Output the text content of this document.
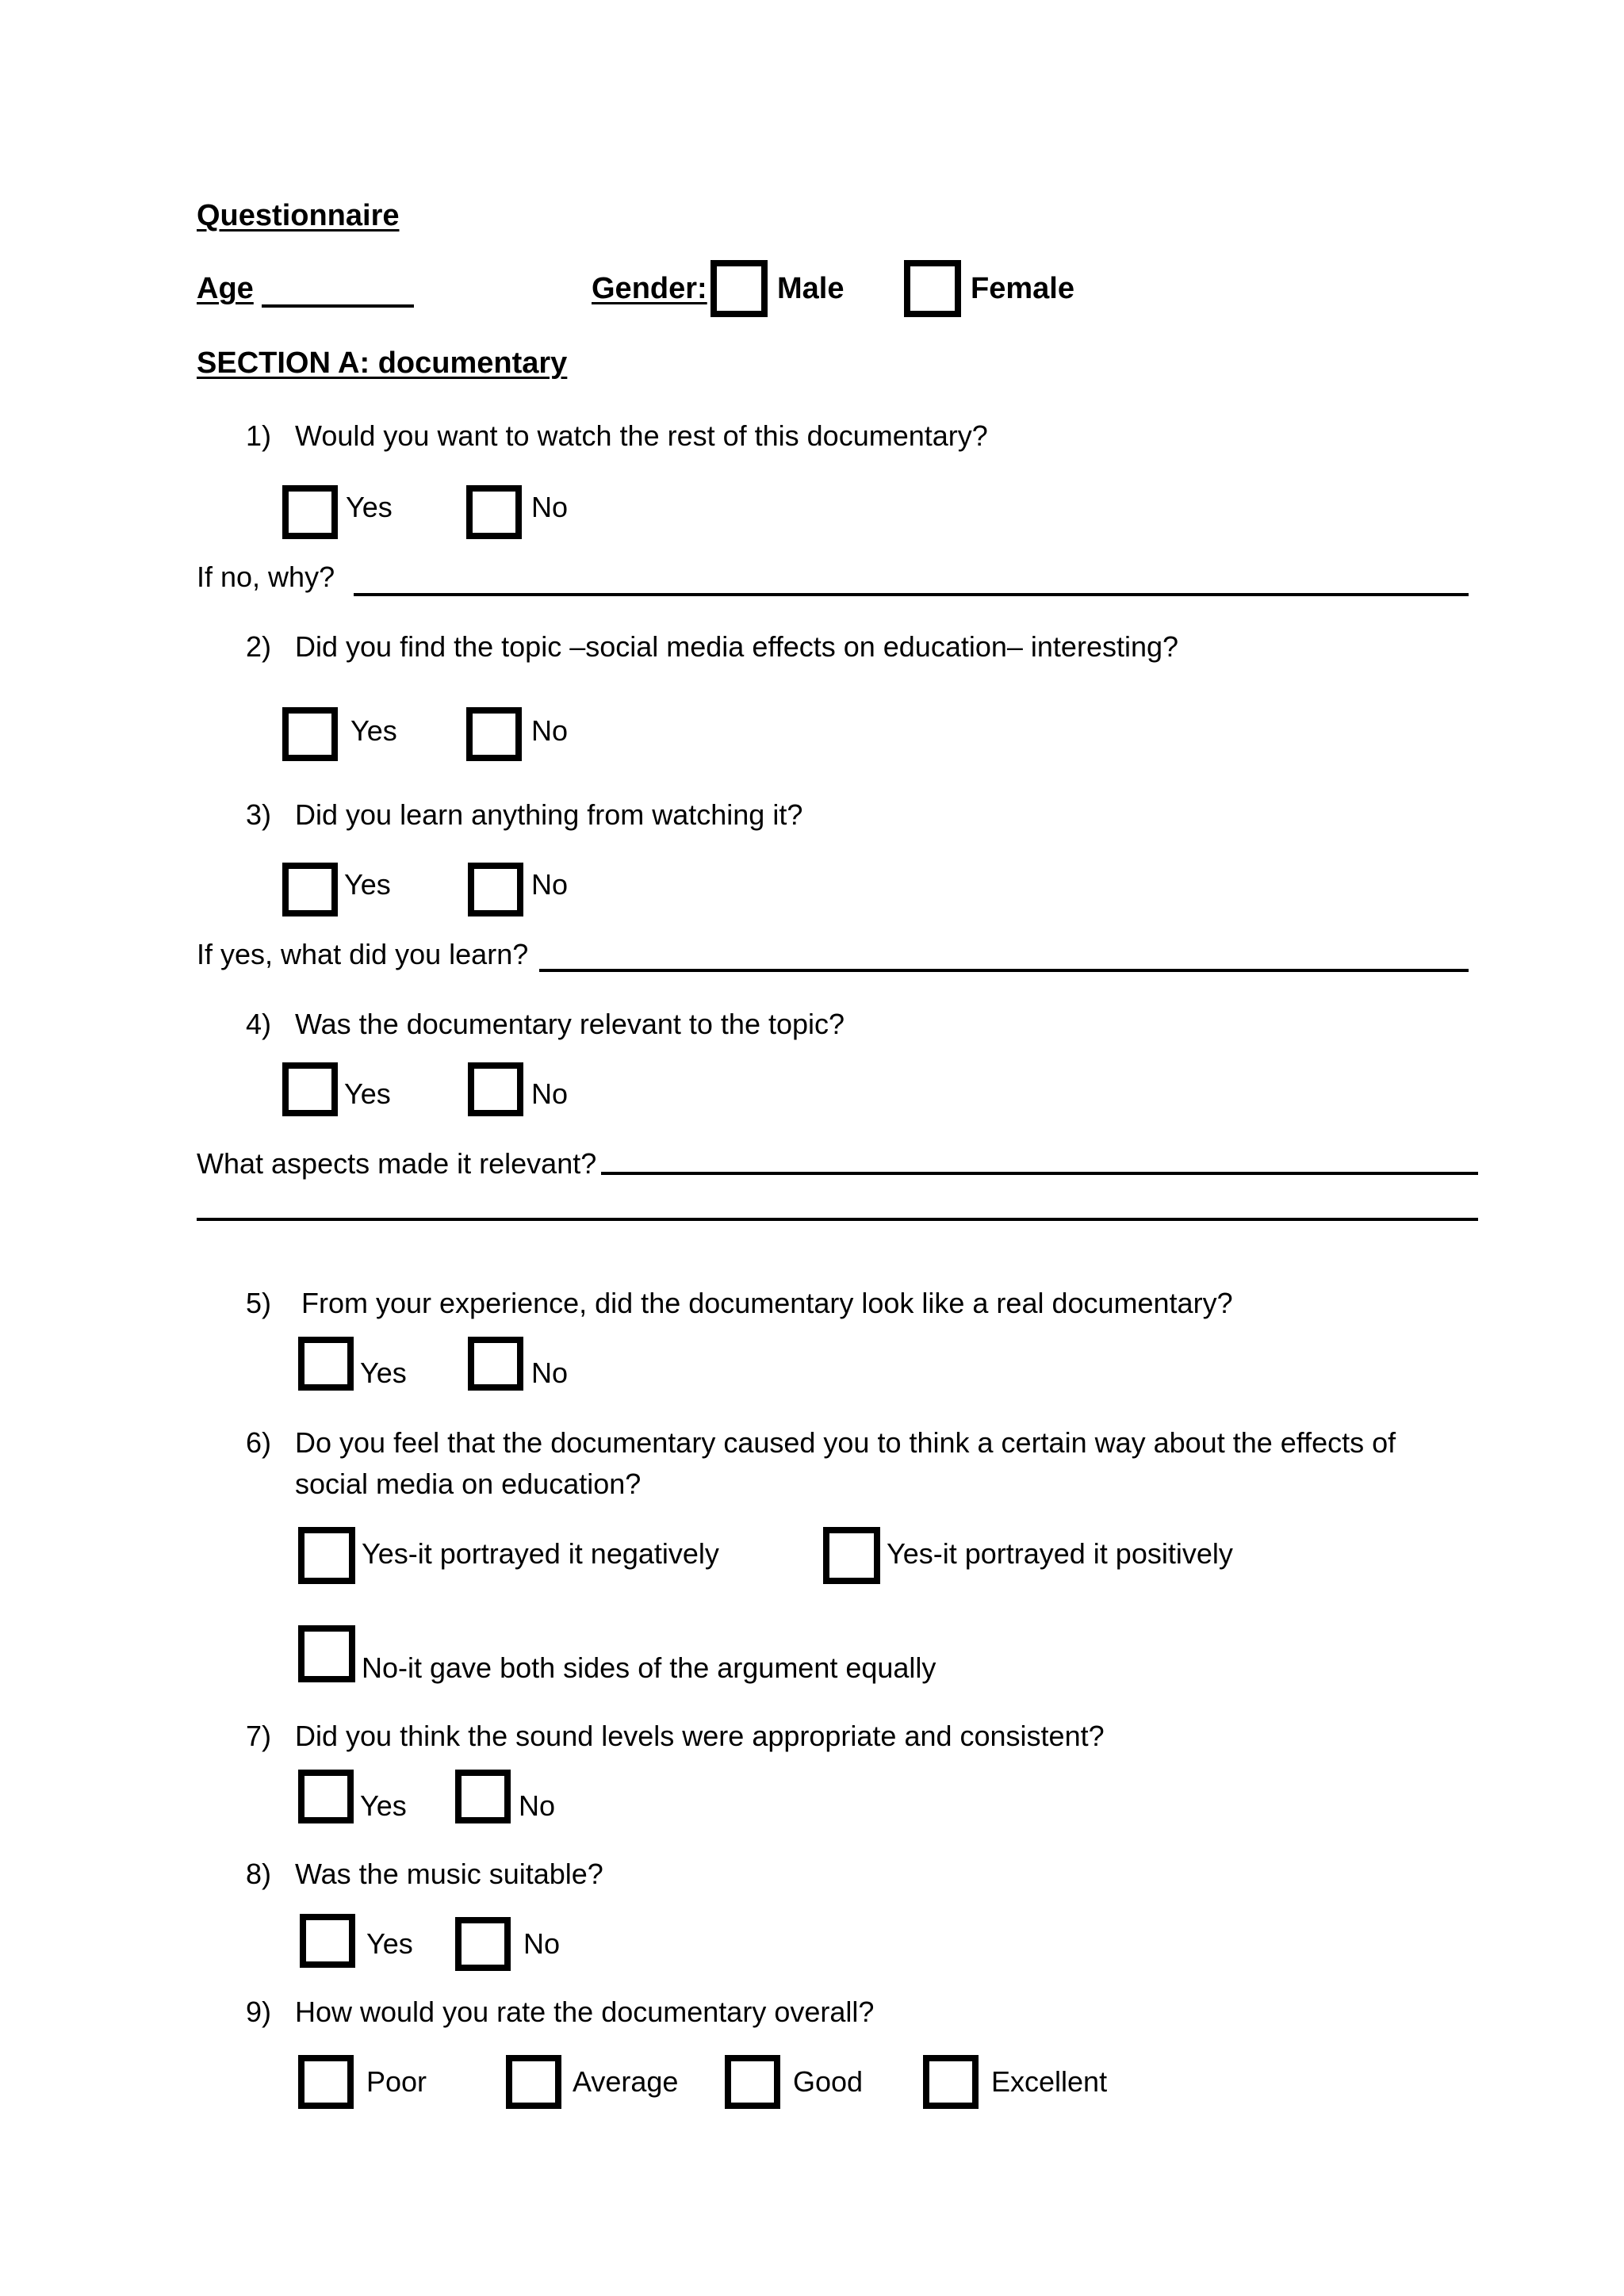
Questionnaire
Age	Gender: Male	Female
SECTION A: documentary
1) Would you want to watch the rest of this documentary?
Yes	No
If no, why?
2) Did you find the topic –social media effects on education– interesting?
Yes	No
3) Did you learn anything from watching it?
Yes	No
If yes, what did you learn?
4) Was the documentary relevant to the topic?
Yes	No
What aspects made it relevant?
5) From your experience, did the documentary look like a real documentary?
Yes	No
6) Do you feel that the documentary caused you to think a certain way about the effects of
social media on education?
Yes-it portrayed it negatively	Yes-it portrayed it positively
No-it gave both sides of the argument equally
7) Did you think the sound levels were appropriate and consistent?
Yes	No
8) Was the music suitable?
Yes	No
9) How would you rate the documentary overall?
Poor	Average	Good	Excellent
